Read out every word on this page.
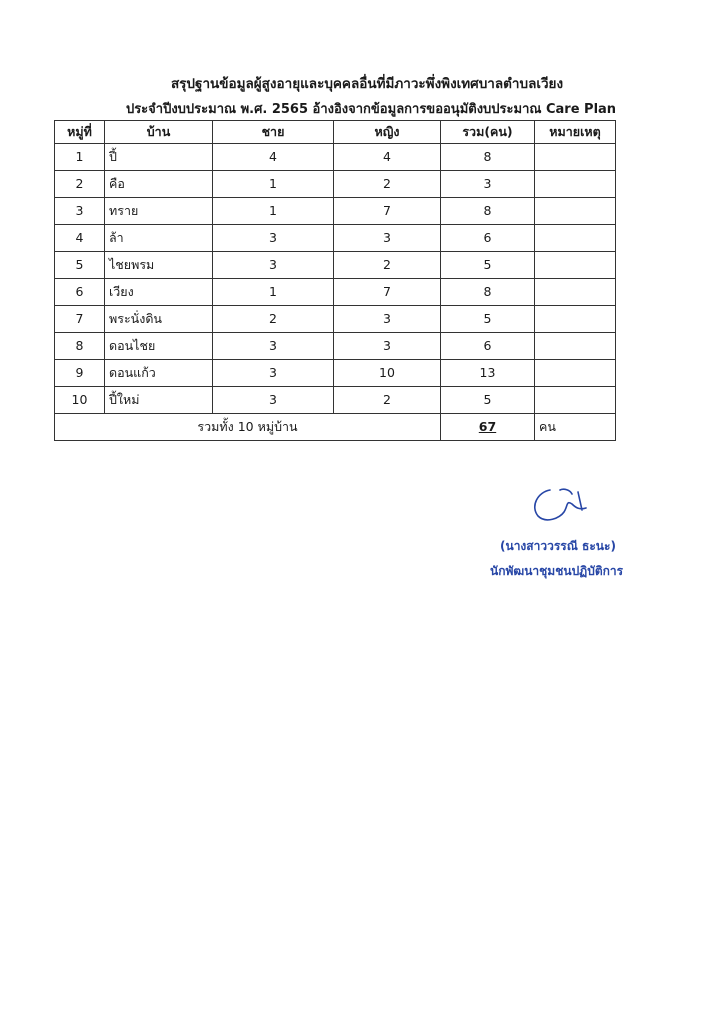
สรุปฐานข้อมูลผู้สูงอายุและบุคคลอื่นที่มีภาวะพึ่งพิงเทศบาลตำบลเวียง
ประจำปีงบประมาณ พ.ศ. 2565 อ้างอิงจากข้อมูลการขออนุมัติงบประมาณ Care Plan
หมู่ที่	บ้าน	ชาย	หญิง	รวม(คน)	หมายเหตุ
1	ปี้	4	4	8	
2	คือ	1	2	3	
3	ทราย	1	7	8	
4	ล้า	3	3	6	
5	ไชยพรม	3	2	5	
6	เวียง	1	7	8	
7	พระนั่งดิน	2	3	5	
8	ดอนไชย	3	3	6	
9	ดอนแก้ว	3	10	13	
10	ปี้ใหม่	3	2	5	
รวมทั้ง 10 หมู่บ้าน				67	คน
(นางสาววรรณี ธะนะ)
นักพัฒนาชุมชนปฏิบัติการ
